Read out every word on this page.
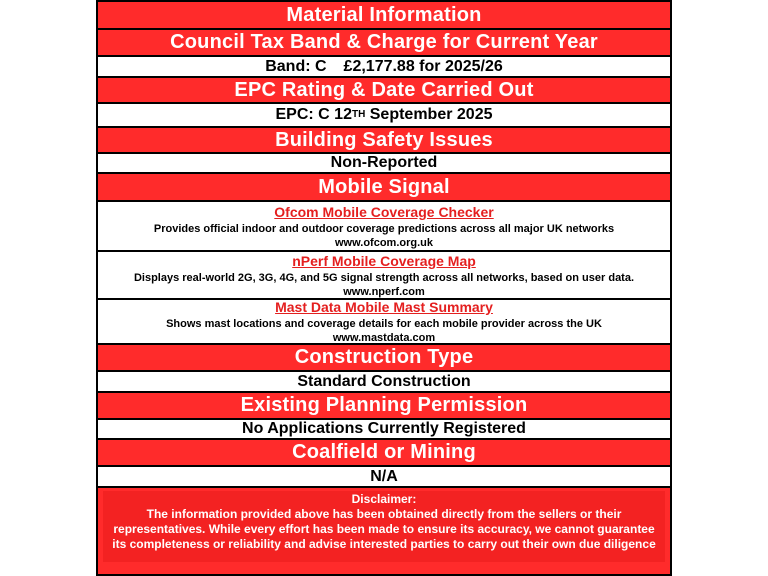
Material Information
Council Tax Band & Charge for Current Year
Band: C £2,177.88 for 2025/26
EPC Rating & Date Carried Out
EPC: C 12 TH September 2025
Building Safety Issues
Non-Reported
Mobile Signal
Ofcom Mobile Coverage Checker
Provides official indoor and outdoor coverage predictions across all major UK networks
www.ofcom.org.uk
nPerf Mobile Coverage Map
Displays real-world 2G, 3G, 4G, and 5G signal strength across all networks, based on user data.
www.nperf.com
Mast Data Mobile Mast Summary
Shows mast locations and coverage details for each mobile provider across the UK
www.mastdata.com
Construction Type
Standard Construction
Existing Planning Permission
No Applications Currently Registered
Coalfield or Mining
N/A
Disclaimer:
The information provided above has been obtained directly from the sellers or their representatives. While every effort has been made to ensure its accuracy, we cannot guarantee its completeness or reliability and advise interested parties to carry out their own due diligence
